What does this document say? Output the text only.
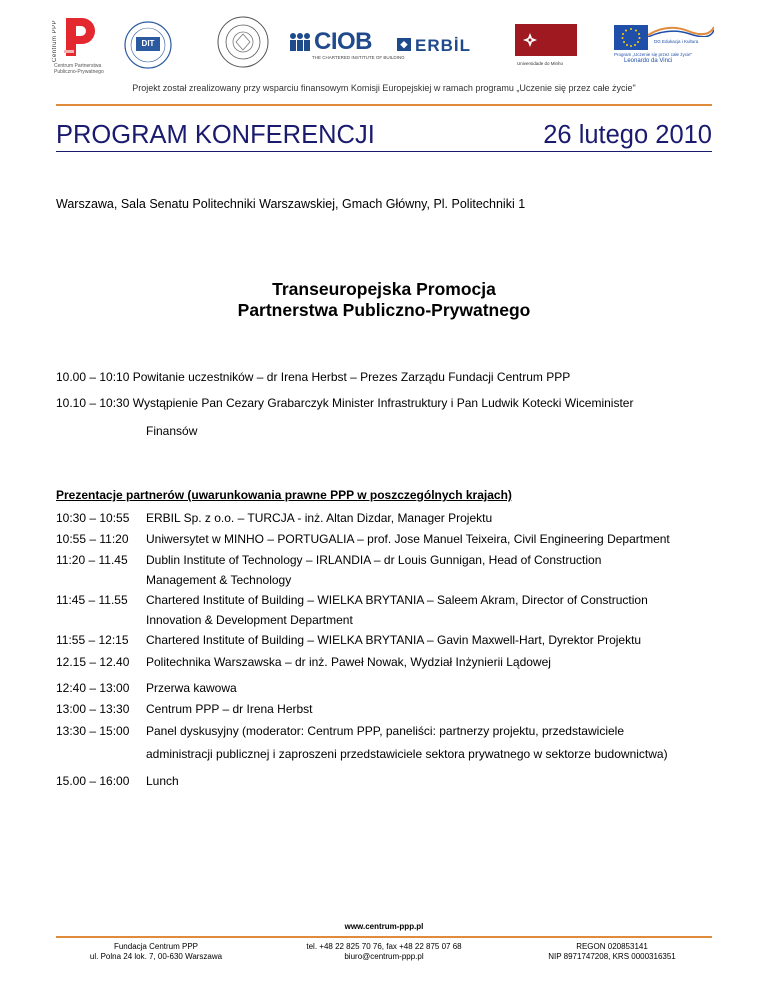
Centrum PPP
Centrum Partnerstwa Publiczno-Prywatnego
DIT	CIOB
THE CHARTERED INSTITUTE OF BUILDING
◆ ERBİL
Universidade do Minho
DG Edukacja i Kultura
Program „Uczenie się przez całe życie"
Leonardo da Vinci
Projekt został zrealizowany przy wsparciu finansowym Komisji Europejskiej w ramach programu „Uczenie się przez całe życie"
PROGRAM KONFERENCJI	26 lutego 2010
Warszawa, Sala Senatu Politechniki Warszawskiej, Gmach Główny, Pl. Politechniki 1
Transeuropejska Promocja
Partnerstwa Publiczno-Prywatnego
10.00 – 10:10 Powitanie uczestników – dr Irena Herbst – Prezes Zarządu Fundacji Centrum PPP
10.10 – 10:30 Wystąpienie Pan Cezary Grabarczyk Minister Infrastruktury i Pan Ludwik Kotecki Wiceminister
Finansów
Prezentacje partnerów (uwarunkowania prawne PPP w poszczególnych krajach)
10:30 – 10:55 ERBIL Sp. z o.o. – TURCJA - inż. Altan Dizdar, Manager Projektu
10:55 – 11:20 Uniwersytet w MINHO – PORTUGALIA – prof. Jose Manuel Teixeira, Civil Engineering Department
11:20 – 11.45 Dublin Institute of Technology – IRLANDIA – dr Louis Gunnigan, Head of Construction
Management & Technology
11:45 – 11.55 Chartered Institute of Building – WIELKA BRYTANIA – Saleem Akram, Director of Construction
Innovation & Development Department
11:55 – 12:15 Chartered Institute of Building – WIELKA BRYTANIA – Gavin Maxwell-Hart, Dyrektor Projektu
12.15 – 12.40 Politechnika Warszawska – dr inż. Paweł Nowak, Wydział Inżynierii Lądowej
12:40 – 13:00 Przerwa kawowa
13:00 – 13:30 Centrum PPP – dr Irena Herbst
13:30 – 15:00 Panel dyskusyjny (moderator: Centrum PPP, paneliści: partnerzy projektu, przedstawiciele
administracji publicznej i zaproszeni przedstawiciele sektora prywatnego w sektorze budownictwa)
15.00 – 16:00 Lunch
www.centrum-ppp.pl
Fundacja Centrum PPP
ul. Polna 24 lok. 7, 00-630 Warszawa
tel. +48 22 825 70 76, fax +48 22 875 07 68
biuro@centrum-ppp.pl
REGON 020853141
NIP 8971747208, KRS 0000316351
